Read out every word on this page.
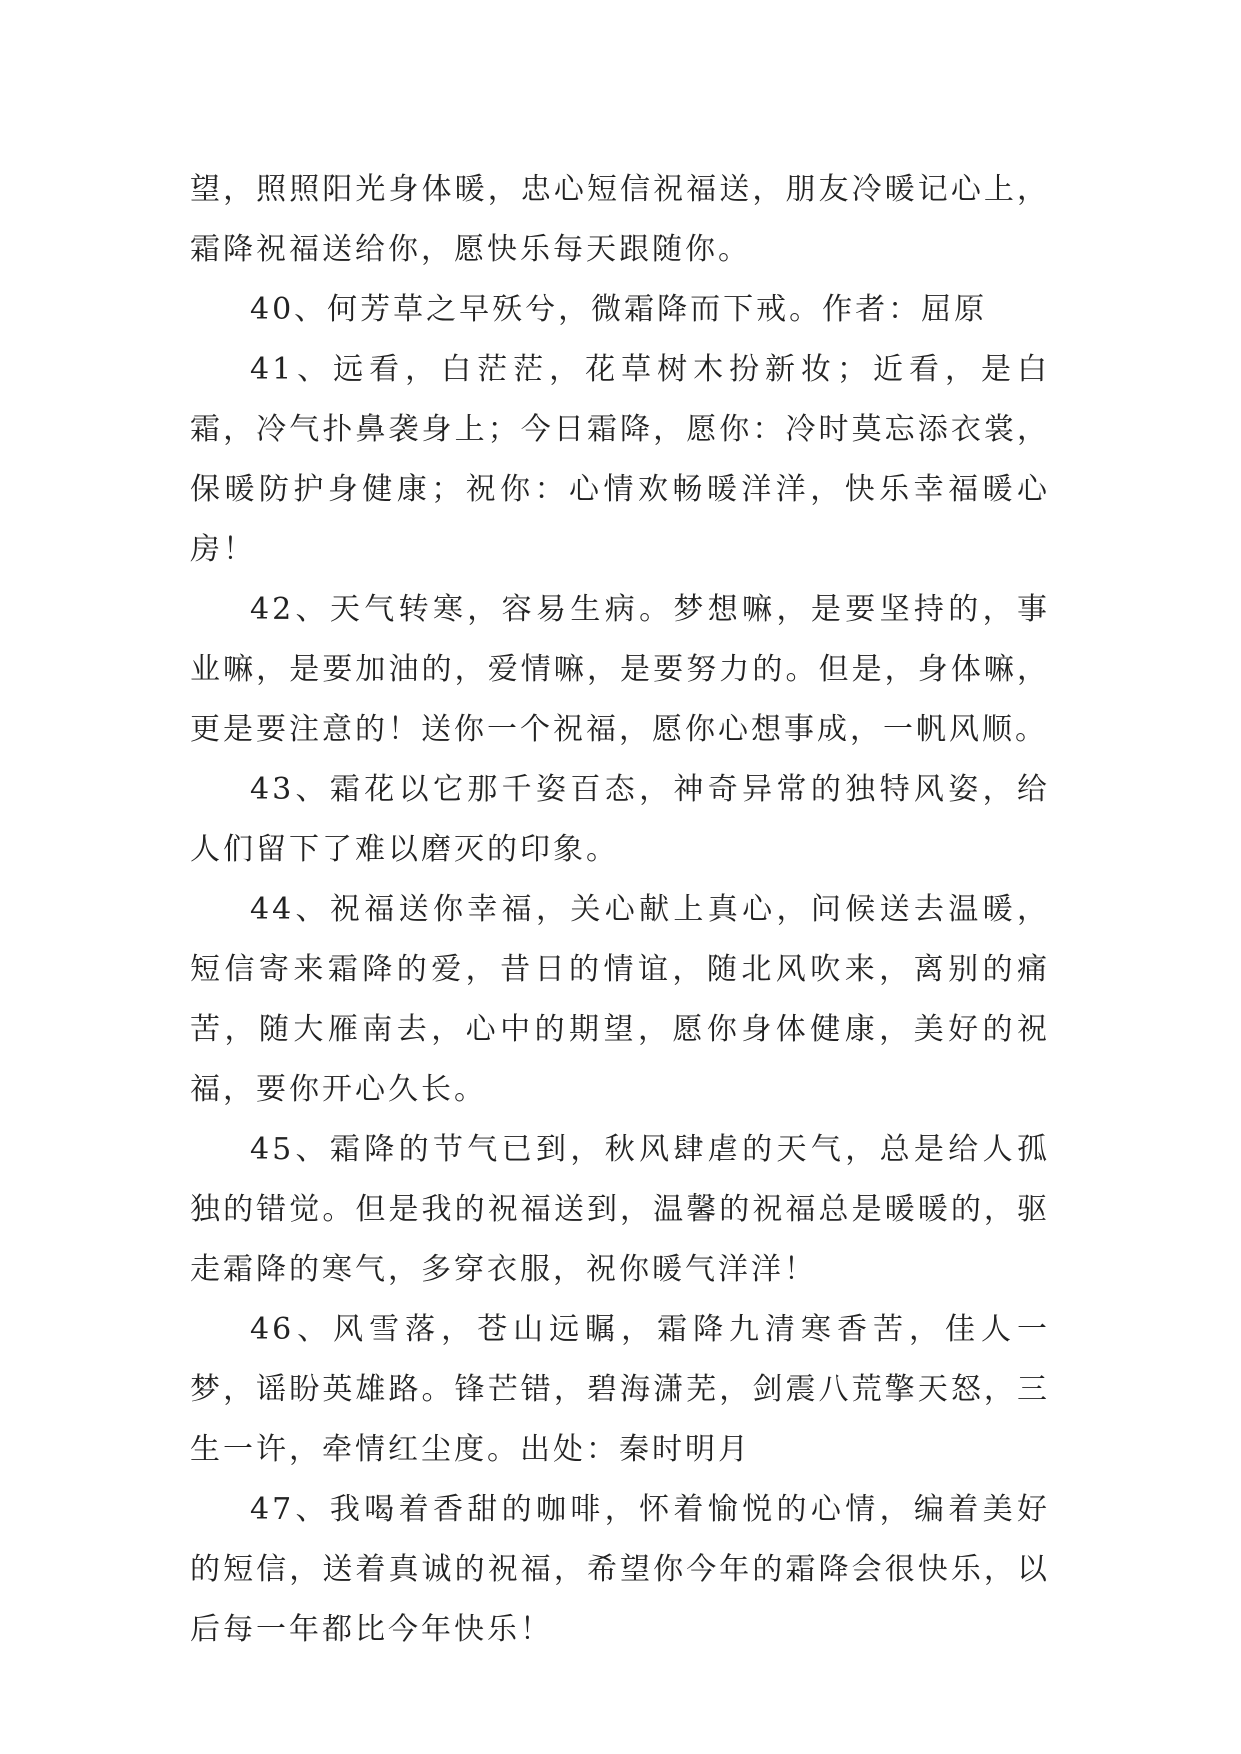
望，照照阳光身体暖，忠心短信祝福送，朋友冷暖记心上，霜降祝福送给你，愿快乐每天跟随你。

40、何芳草之早殀兮，微霜降而下戒。作者：屈原

41、远看，白茫茫，花草树木扮新妆；近看，是白霜，冷气扑鼻袭身上；今日霜降，愿你：冷时莫忘添衣裳，保暖防护身健康；祝你：心情欢畅暖洋洋，快乐幸福暖心房！

42、天气转寒，容易生病。梦想嘛，是要坚持的，事业嘛，是要加油的，爱情嘛，是要努力的。但是，身体嘛，更是要注意的！送你一个祝福，愿你心想事成，一帆风顺。

43、霜花以它那千姿百态，神奇异常的独特风姿，给人们留下了难以磨灭的印象。

44、祝福送你幸福，关心献上真心，问候送去温暖，短信寄来霜降的爱，昔日的情谊，随北风吹来，离别的痛苦，随大雁南去，心中的期望，愿你身体健康，美好的祝福，要你开心久长。

45、霜降的节气已到，秋风肆虐的天气，总是给人孤独的错觉。但是我的祝福送到，温馨的祝福总是暖暖的，驱走霜降的寒气，多穿衣服，祝你暖气洋洋！

46、风雪落，苍山远瞩，霜降九清寒香苦，佳人一梦，谣盼英雄路。锋芒错，碧海潇芜，剑震八荒擎天怒，三生一许，牵情红尘度。出处：秦时明月

47、我喝着香甜的咖啡，怀着愉悦的心情，编着美好的短信，送着真诚的祝福，希望你今年的霜降会很快乐，以后每一年都比今年快乐！
